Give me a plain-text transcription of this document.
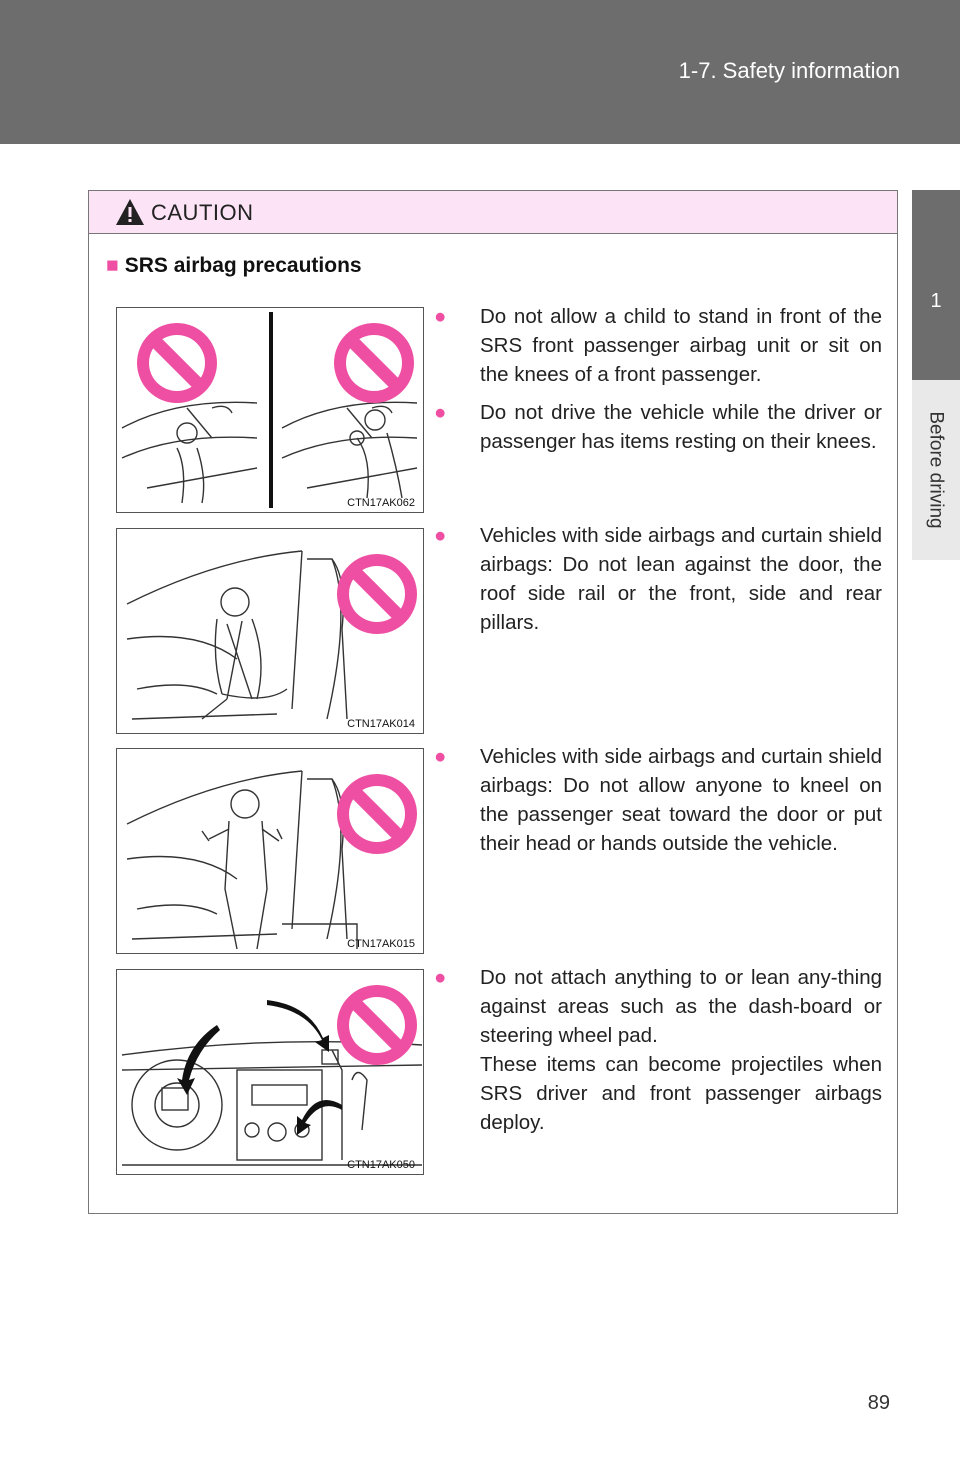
1-7. Safety information
1
Before driving
CAUTION
■ SRS airbag precautions
CTN17AK062
CTN17AK014
CTN17AK015
CTN17AK050
● Do not allow a child to stand in front of the SRS front passenger airbag unit or sit on the knees of a front passenger.
● Do not drive the vehicle while the driver or passenger has items resting on their knees.
● Vehicles with side airbags and curtain shield airbags: Do not lean against the door, the roof side rail or the front, side and rear pillars.
● Vehicles with side airbags and curtain shield airbags: Do not allow anyone to kneel on the passenger seat toward the door or put their head or hands outside the vehicle.
● Do not attach anything to or lean any-thing against areas such as the dash-board or steering wheel pad.
These items can become projectiles when SRS driver and front passenger airbags deploy.
89
